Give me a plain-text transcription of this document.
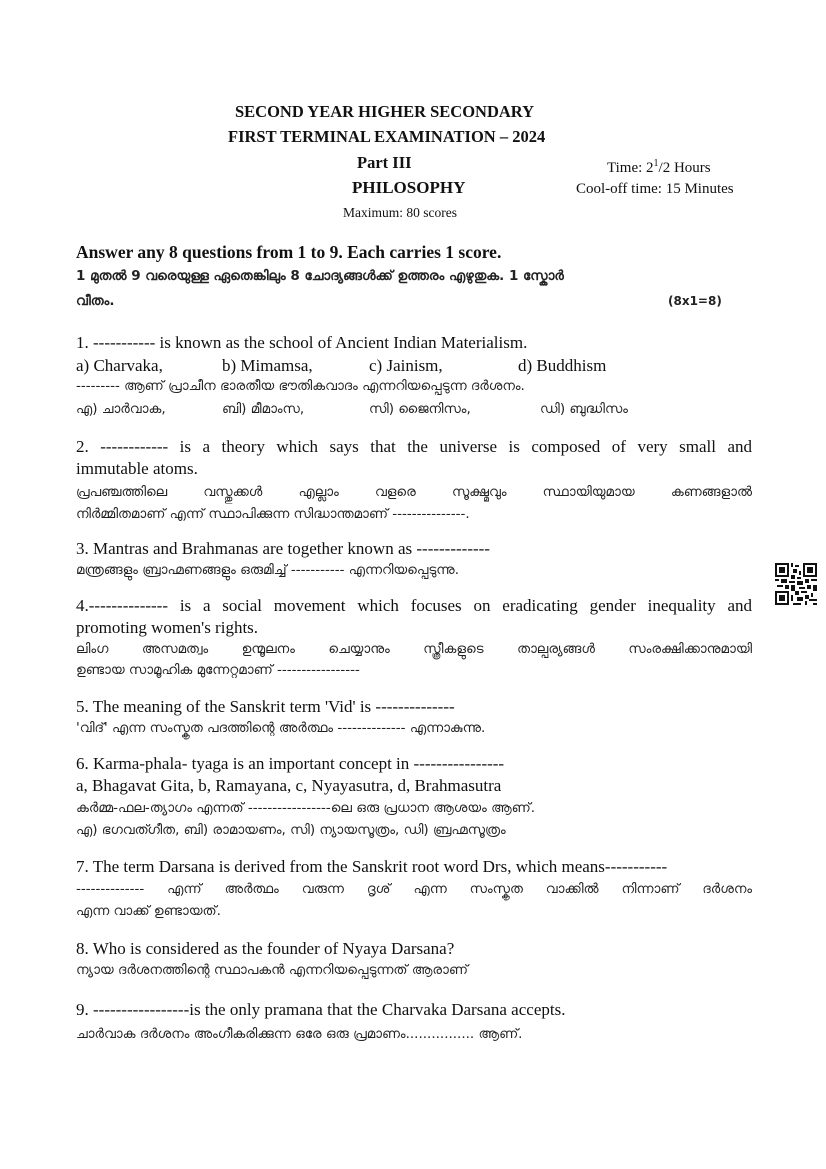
SECOND YEAR HIGHER SECONDARY
FIRST TERMINAL EXAMINATION – 2024
Part III	Time: $2^1/2$ Hours
PHILOSOPHY	Cool-off time: 15 Minutes
Maximum: 80 scores
Answer any 8 questions from 1 to 9. Each carries 1 score.
1 മുതൽ 9 വരെയുള്ള ഏതെങ്കിലും 8 ചോദ്യങ്ങൾക്ക് ഉത്തരം എഴുതുക. 1 സ്കോർ
വീതം.	(8x1=8)
1. ----------- is known as the school of Ancient Indian Materialism.
a) Charvaka,	b) Mimamsa,	c) Jainism,	d) Buddhism
--------- ആണ് പ്രാചീന ഭാരതീയ ഭൗതികവാദം എന്നറിയപ്പെടുന്ന ദർശനം.
എ) ചാർവാക,	ബി) മീമാംസ,	സി) ജൈനിസം,	ഡി) ബുദ്ധിസം
2. ------------ is a theory which says that the universe is composed of very small and
immutable atoms.
പ്രപഞ്ചത്തിലെ വസ്തുക്കൾ എല്ലാം വളരെ സൂക്ഷ്മവും സ്ഥായിയുമായ കണങ്ങളാൽ
നിർമ്മിതമാണ് എന്ന് സ്ഥാപിക്കുന്ന സിദ്ധാന്തമാണ് ---------------.
3. Mantras and Brahmanas are together known as -------------
മന്ത്രങ്ങളും ബ്രാഹ്മണങ്ങളും ഒരുമിച്ച് ----------- എന്നറിയപ്പെടുന്നു.
4.-------------- is a social movement which focuses on eradicating gender inequality and
promoting women's rights.
ലിംഗ അസമത്വം ഉന്മൂലനം ചെയ്യാനും സ്ത്രീകളുടെ താല്പര്യങ്ങൾ സംരക്ഷിക്കാനുമായി
ഉണ്ടായ സാമൂഹിക മുന്നേറ്റമാണ് -----------------
5. The meaning of the Sanskrit term 'Vid' is --------------
'വിദ്' എന്ന സംസ്കൃത പദത്തിന്റെ അർത്ഥം -------------- എന്നാകുന്നു.
6. Karma-phala- tyaga is an important concept in ----------------
a, Bhagavat Gita, b, Ramayana, c, Nyayasutra, d, Brahmasutra
കർമ്മ-ഫല-ത്യാഗം എന്നത് -----------------ലെ ഒരു പ്രധാന ആശയം ആണ്.
എ) ഭഗവത്ഗീത, ബി) രാമായണം, സി) ന്യായസൂത്രം, ഡി) ബ്രഹ്മസൂത്രം
7. The term Darsana is derived from the Sanskrit root word Drs, which means-----------
-------------- എന്ന് അർത്ഥം വരുന്ന ദൃശ് എന്ന സംസ്കൃത വാക്കിൽ നിന്നാണ് ദർശനം
എന്ന വാക്ക് ഉണ്ടായത്.
8. Who is considered as the founder of Nyaya Darsana?
ന്യായ ദർശനത്തിന്റെ സ്ഥാപകൻ എന്നറിയപ്പെടുന്നത് ആരാണ്
9. -----------------is the only pramana that the Charvaka Darsana accepts.
ചാർവാക ദർശനം അംഗീകരിക്കുന്ന ഒരേ ഒരു പ്രമാണം................ ആണ്.
